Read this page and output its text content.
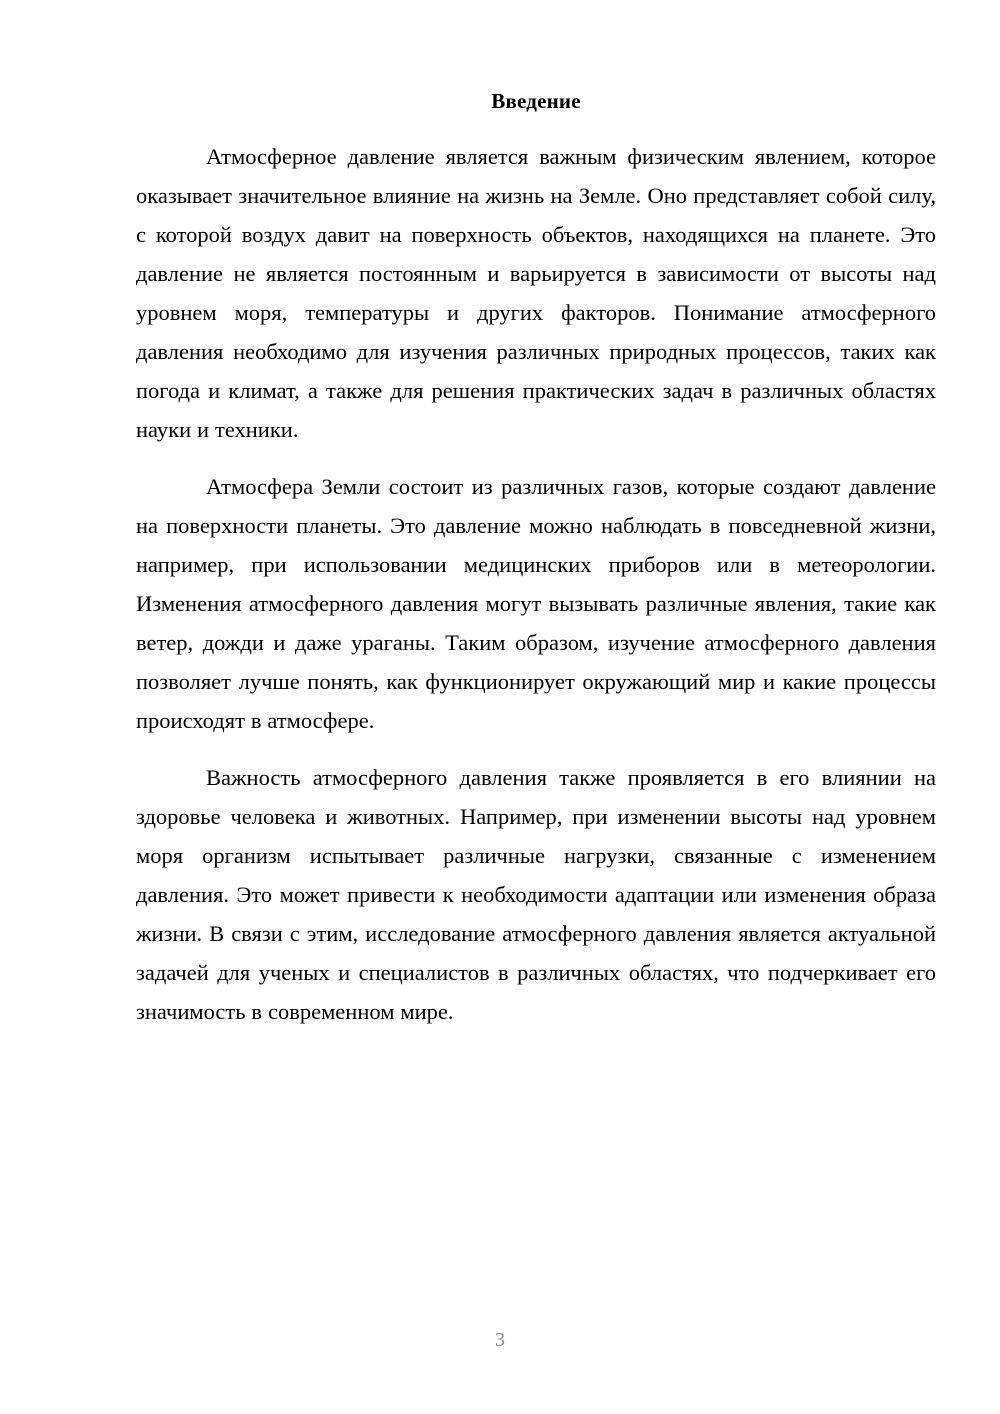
Введение

Атмосферное давление является важным физическим явлением, которое оказывает значительное влияние на жизнь на Земле. Оно представляет собой силу, с которой воздух давит на поверхность объектов, находящихся на планете. Это давление не является постоянным и варьируется в зависимости от высоты над уровнем моря, температуры и других факторов. Понимание атмосферного давления необходимо для изучения различных природных процессов, таких как погода и климат, а также для решения практических задач в различных областях науки и техники.

Атмосфера Земли состоит из различных газов, которые создают давление на поверхности планеты. Это давление можно наблюдать в повседневной жизни, например, при использовании медицинских приборов или в метеорологии. Изменения атмосферного давления могут вызывать различные явления, такие как ветер, дожди и даже ураганы. Таким образом, изучение атмосферного давления позволяет лучше понять, как функционирует окружающий мир и какие процессы происходят в атмосфере.

Важность атмосферного давления также проявляется в его влиянии на здоровье человека и животных. Например, при изменении высоты над уровнем моря организм испытывает различные нагрузки, связанные с изменением давления. Это может привести к необходимости адаптации или изменения образа жизни. В связи с этим, исследование атмосферного давления является актуальной задачей для ученых и специалистов в различных областях, что подчеркивает его значимость в современном мире.

3
